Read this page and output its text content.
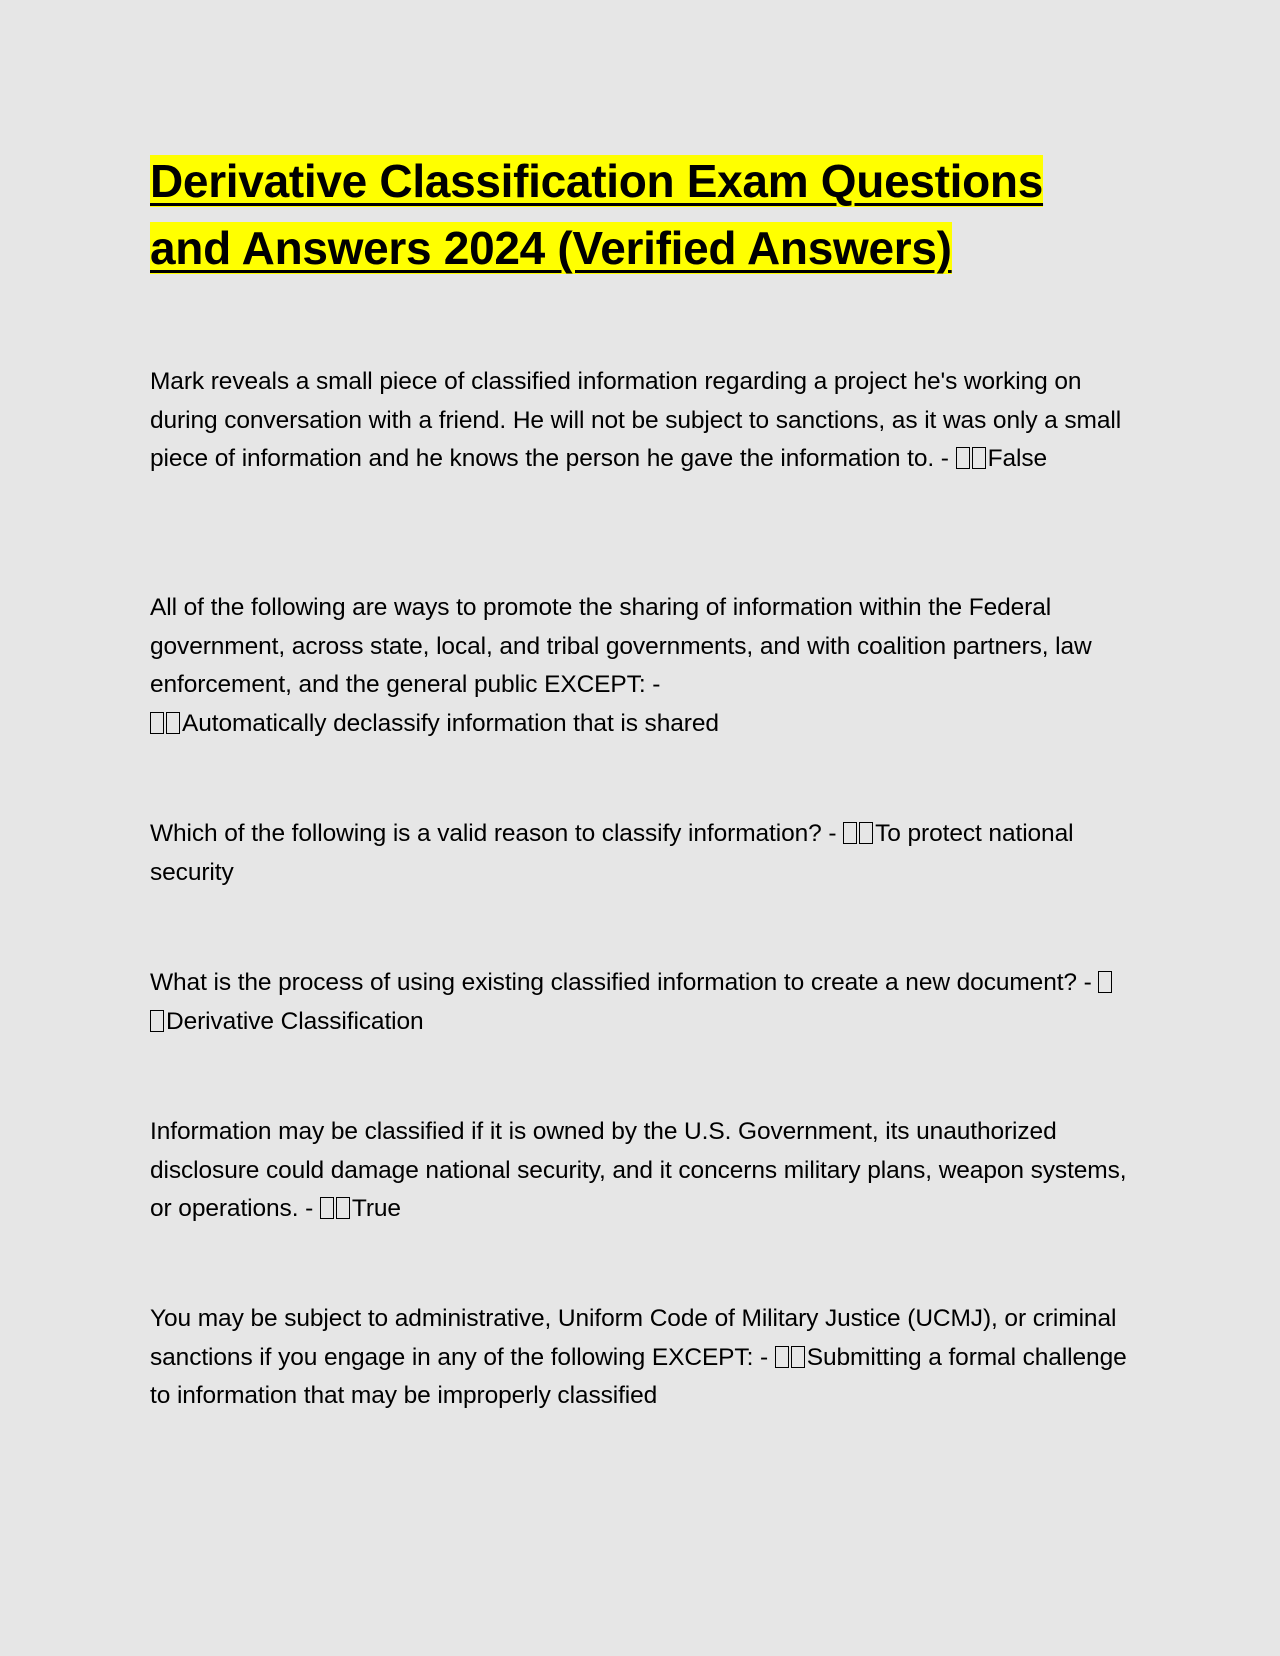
Derivative Classification Exam Questions
and Answers 2024 (Verified Answers)

Mark reveals a small piece of classified information regarding a project he's working on during conversation with a friend. He will not be subject to sanctions, as it was only a small piece of information and he knows the person he gave the information to. - False

All of the following are ways to promote the sharing of information within the Federal government, across state, local, and tribal governments, and with coalition partners, law enforcement, and the general public EXCEPT: -
Automatically declassify information that is shared

Which of the following is a valid reason to classify information? - To protect national security

What is the process of using existing classified information to create a new document? - Derivative Classification

Information may be classified if it is owned by the U.S. Government, its unauthorized disclosure could damage national security, and it concerns military plans, weapon systems, or operations. - True

You may be subject to administrative, Uniform Code of Military Justice (UCMJ), or criminal sanctions if you engage in any of the following EXCEPT: - Submitting a formal challenge to information that may be improperly classified
